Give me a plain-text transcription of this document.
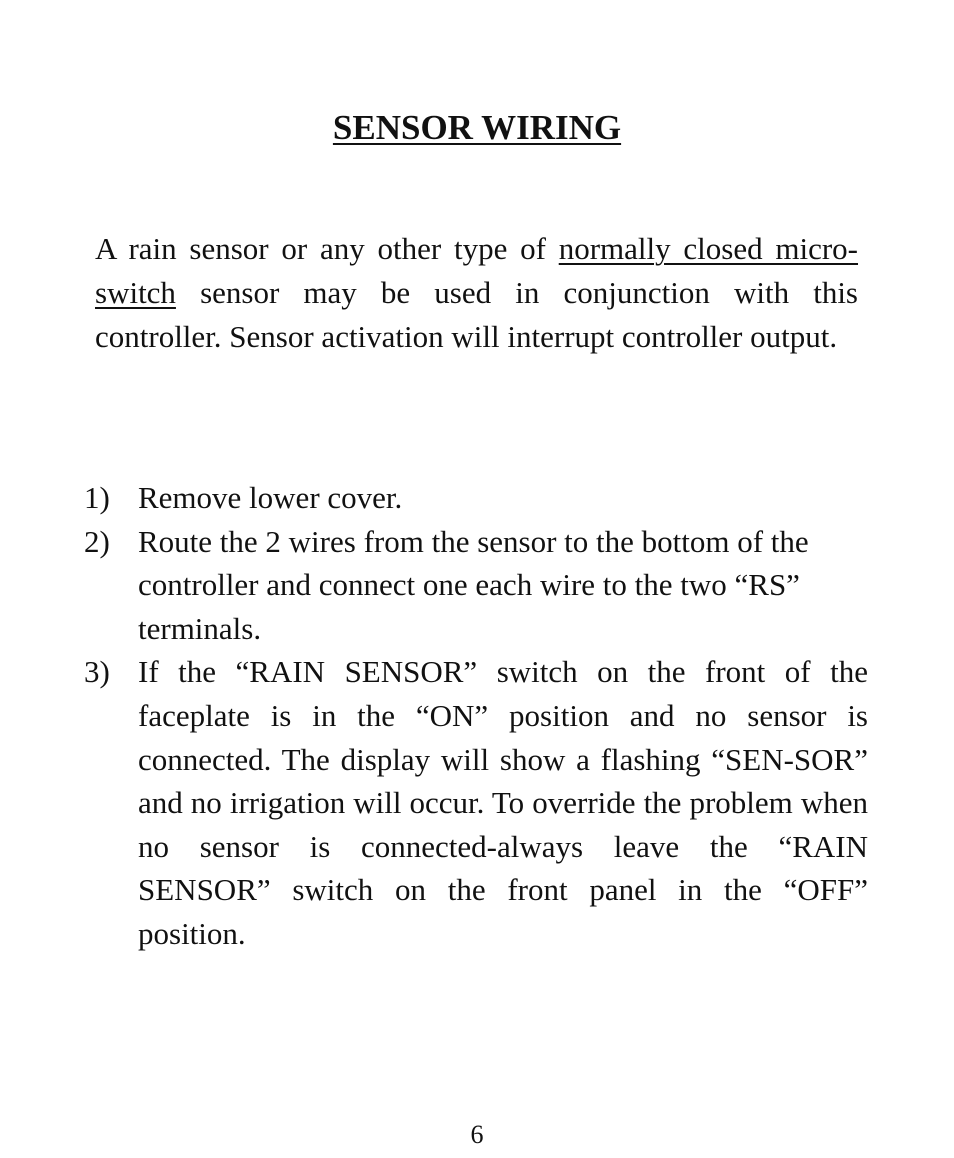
SENSOR WIRING

A rain sensor or any other type of normally closed micro-switch sensor may be used in conjunction with this controller. Sensor activation will interrupt controller output.

1) Remove lower cover.
2) Route the 2 wires from the sensor to the bottom of the controller and connect one each wire to the two “RS” terminals.
3) If the “RAIN SENSOR” switch on the front of the faceplate is in the “ON” position and no sensor is connected. The display will show a flashing “SEN-SOR” and no irrigation will occur. To override the problem when no sensor is connected-always leave the “RAIN SENSOR” switch on the front panel in the “OFF” position.
6
